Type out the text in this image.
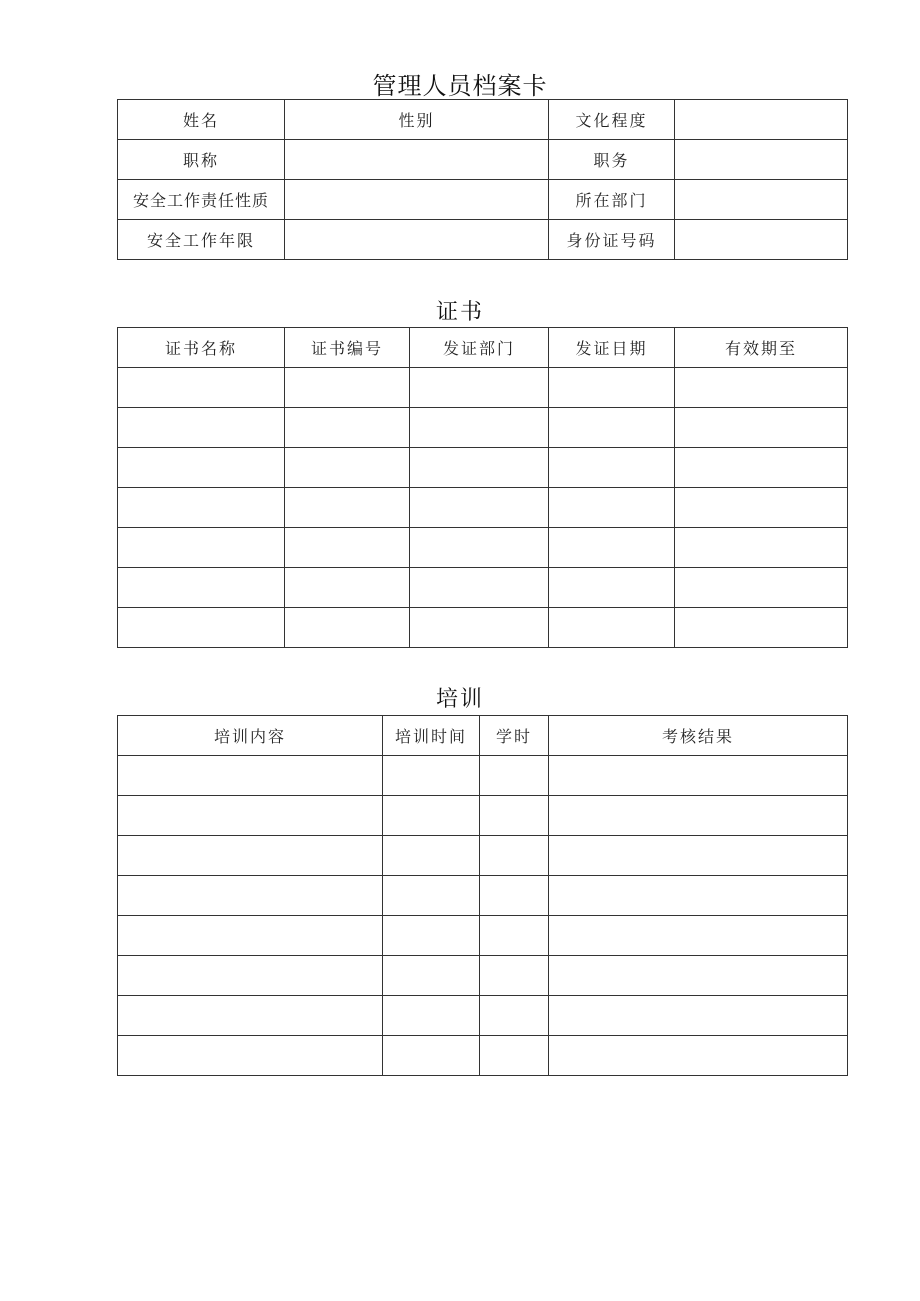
管理人员档案卡
姓名	性别	文化程度	
职称		职务	
安全工作责任性质		所在部门	
安全工作年限		身份证号码	
证书
证书名称	证书编号	发证部门	发证日期	有效期至

培训
培训内容	培训时间	学时	考核结果
